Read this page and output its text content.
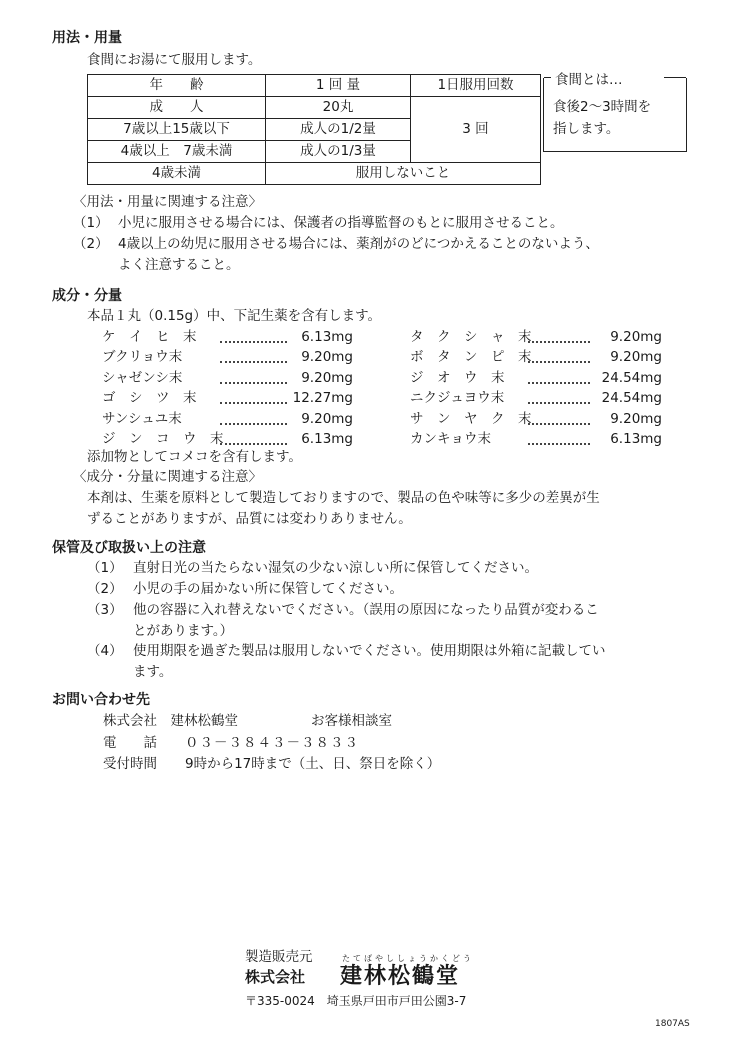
用法・用量
食間にお湯にて服用します。
年　　齢	1 回 量	1日服用回数
成　　人	20丸	3 回
7歳以上15歳以下	成人の1/2量	
4歳以上　7歳未満	成人の1/3量	
4歳未満	服用しないこと	
食間とは…
食後2～3時間を
指します。
〈用法・用量に関連する注意〉
（1） 小児に服用させる場合には、保護者の指導監督のもとに服用させること。
（2） 4歳以上の幼児に服用させる場合には、薬剤がのどにつかえることのないよう、
よく注意すること。
成分・分量
本品１丸（0.15g）中、下記生薬を含有します。
ケ　イ　ヒ　末	6.13mg
ブクリョウ末	9.20mg
シャゼンシ末	9.20mg
ゴ　シ　ツ　末	12.27mg
サンシュユ末	9.20mg
ジ　ン　コ　ウ　末	6.13mg
タ　ク　シ　ャ　末	9.20mg
ボ　タ　ン　ピ　末	9.20mg
ジ　オ　ウ　末	24.54mg
ニクジュヨウ末	24.54mg
サ　ン　ヤ　ク　末	9.20mg
カンキョウ末	6.13mg
添加物としてコメコを含有します。
〈成分・分量に関連する注意〉
本剤は、生薬を原料として製造しておりますので、製品の色や味等に多少の差異が生
ずることがありますが、品質には変わりありません。
保管及び取扱い上の注意
（1） 直射日光の当たらない湿気の少ない涼しい所に保管してください。
（2） 小児の手の届かない所に保管してください。
（3） 他の容器に入れ替えないでください。（誤用の原因になったり品質が変わるこ
とがあります。）
（4） 使用期限を過ぎた製品は服用しないでください。使用期限は外箱に記載してい
ます。
お問い合わせ先
株式会社　建林松鶴堂	お客様相談室
電　　話 ０３－３８４３－３８３３
受付時間 9時から17時まで（土、日、祭日を除く）
製造販売元	たてばやししょうかくどう
株式会社 建林松鶴堂
〒335-0024　埼玉県戸田市戸田公園3-7
1807AS
